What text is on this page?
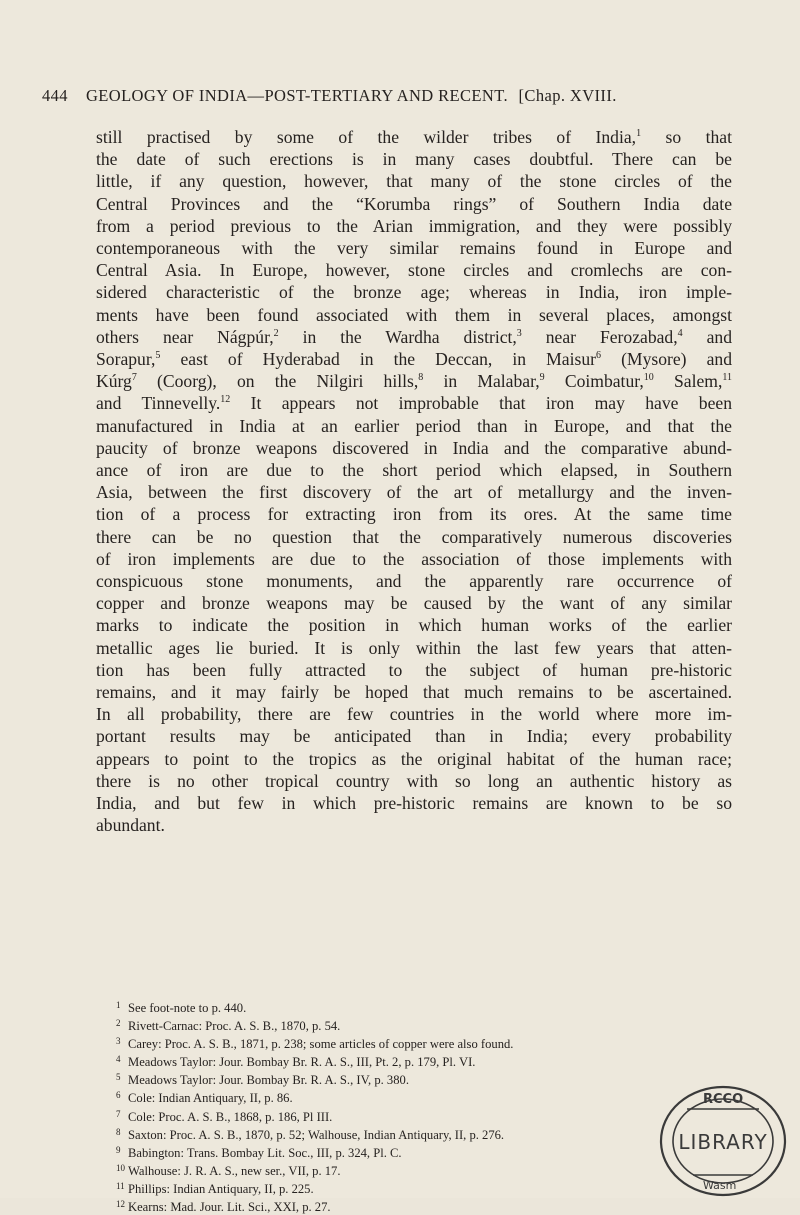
444 GEOLOGY OF INDIA—POST-TERTIARY AND RECENT. [Chap. XVIII.
still practised by some of the wilder tribes of India,$^1$ so that
the date of such erections is in many cases doubtful. There can be
little, if any question, however, that many of the stone circles of the
Central Provinces and the “Korumba rings” of Southern India date
from a period previous to the Arian immigration, and they were possibly
contemporaneous with the very similar remains found in Europe and
Central Asia. In Europe, however, stone circles and cromlechs are con-
sidered characteristic of the bronze age; whereas in India, iron imple-
ments have been found associated with them in several places, amongst
others near Nágpúr,$^2$ in the Wardha district,$^3$ near Ferozabad,$^4$ and
Sorapur,$^5$ east of Hyderabad in the Deccan, in Maisur$^6$ (Mysore) and
Kúrg$^7$ (Coorg), on the Nilgiri hills,$^8$ in Malabar,$^9$ Coimbatur,$^{10}$ Salem,$^{11}$
and Tinnevelly.$^{12}$ It appears not improbable that iron may have been
manufactured in India at an earlier period than in Europe, and that the
paucity of bronze weapons discovered in India and the comparative abund-
ance of iron are due to the short period which elapsed, in Southern
Asia, between the first discovery of the art of metallurgy and the inven-
tion of a process for extracting iron from its ores. At the same time
there can be no question that the comparatively numerous discoveries
of iron implements are due to the association of those implements with
conspicuous stone monuments, and the apparently rare occurrence of
copper and bronze weapons may be caused by the want of any similar
marks to indicate the position in which human works of the earlier
metallic ages lie buried. It is only within the last few years that atten-
tion has been fully attracted to the subject of human pre-historic
remains, and it may fairly be hoped that much remains to be ascertained.
In all probability, there are few countries in the world where more im-
portant results may be anticipated than in India; every probability
appears to point to the tropics as the original habitat of the human race;
there is no other tropical country with so long an authentic history as
India, and but few in which pre-historic remains are known to be so
abundant.
1 See foot-note to p. 440.
2 Rivett-Carnac: Proc. A. S. B., 1870, p. 54.
3 Carey: Proc. A. S. B., 1871, p. 238; some articles of copper were also found.
4 Meadows Taylor: Jour. Bombay Br. R. A. S., III, Pt. 2, p. 179, Pl. VI.
5 Meadows Taylor: Jour. Bombay Br. R. A. S., IV, p. 380.
6 Cole: Indian Antiquary, II, p. 86.
7 Cole: Proc. A. S. B., 1868, p. 186, Pl III.
8 Saxton: Proc. A. S. B., 1870, p. 52; Walhouse, Indian Antiquary, II, p. 276.
9 Babington: Trans. Bombay Lit. Soc., III, p. 324, Pl. C.
10 Walhouse: J. R. A. S., new ser., VII, p. 17.
11 Phillips: Indian Antiquary, II, p. 225.
12 Kearns: Mad. Jour. Lit. Sci., XXI, p. 27.
RCCO
Wasm
LIBRARY
